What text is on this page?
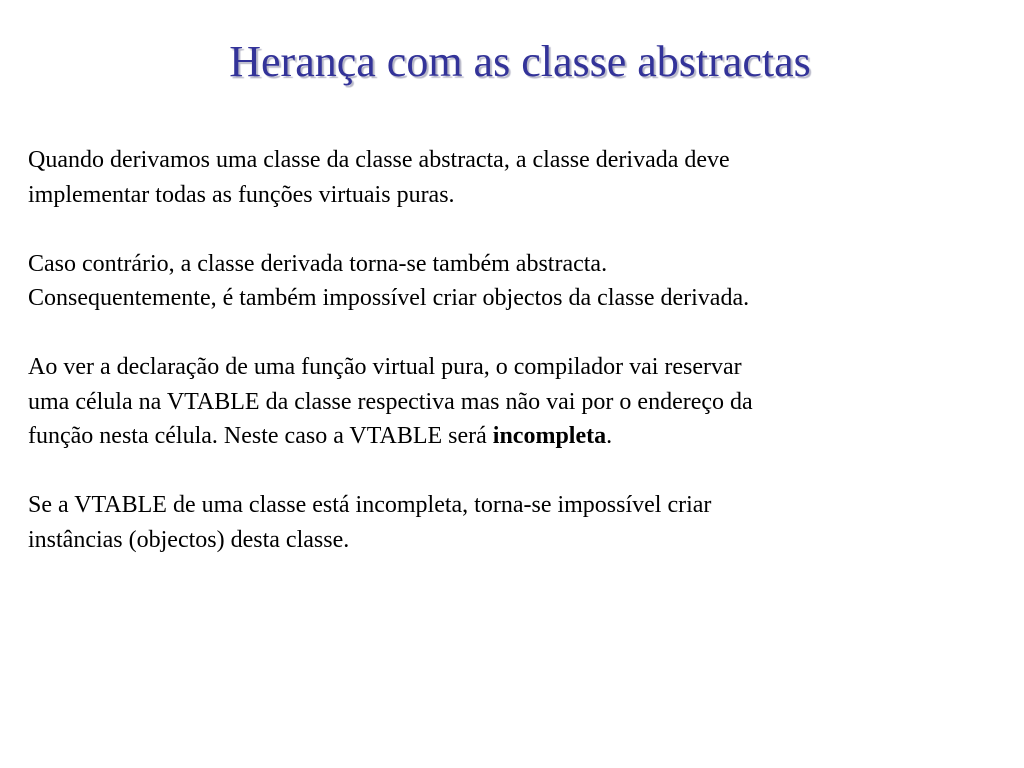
Herança com as classe abstractas

Quando derivamos uma classe da classe abstracta, a classe derivada deve
implementar todas as funções virtuais puras.

Caso contrário, a classe derivada torna-se também abstracta.
Consequentemente, é também impossível criar objectos da classe derivada.

Ao ver a declaração de uma função virtual pura, o compilador vai reservar
uma célula na VTABLE da classe respectiva mas não vai por o endereço da
função nesta célula. Neste caso a VTABLE será incompleta.

Se a VTABLE de uma classe está incompleta, torna-se impossível criar
instâncias (objectos) desta classe.
